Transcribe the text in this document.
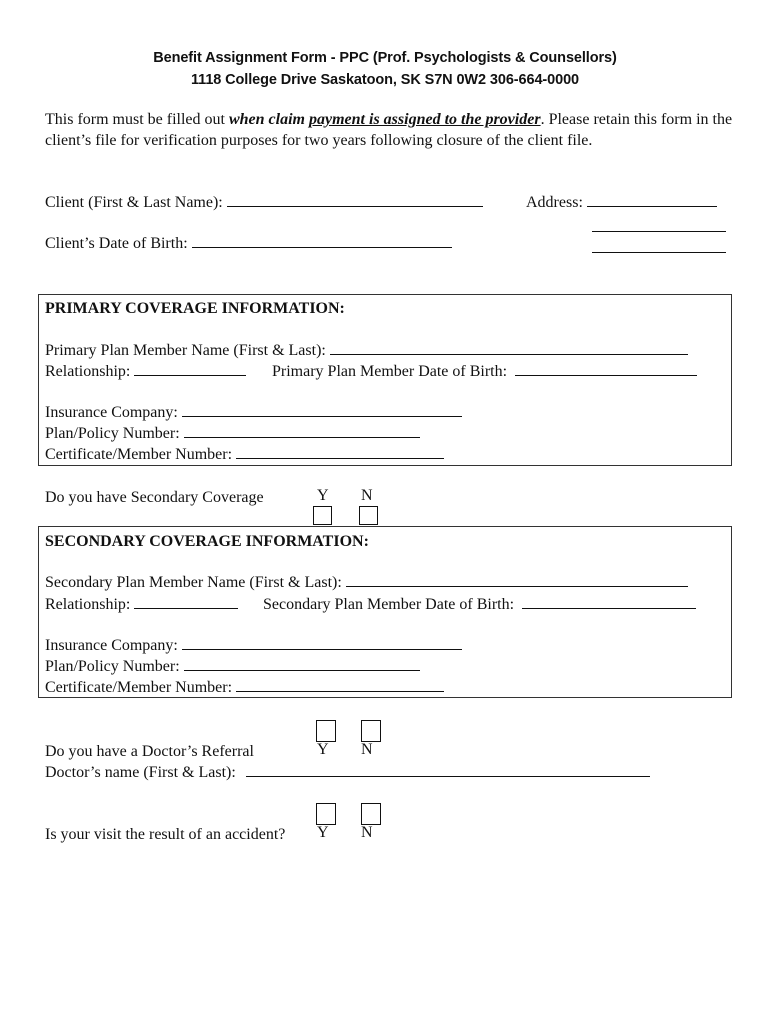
Benefit Assignment Form - PPC (Prof. Psychologists & Counsellors)
1118 College Drive Saskatoon, SK S7N 0W2 306-664-0000
This form must be filled out when claim payment is assigned to the provider. Please retain this form in the client’s file for verification purposes for two years following closure of the client file.
Client (First & Last Name):	Address:
Client’s Date of Birth:
PRIMARY COVERAGE INFORMATION:
Primary Plan Member Name (First & Last):
Relationship:	Primary Plan Member Date of Birth:
Insurance Company:
Plan/Policy Number:
Certificate/Member Number:
Do you have Secondary Coverage	Y N
SECONDARY COVERAGE INFORMATION:
Secondary Plan Member Name (First & Last):
Relationship:	Secondary Plan Member Date of Birth:
Insurance Company:
Plan/Policy Number:
Certificate/Member Number:
Do you have a Doctor’s Referral	Y N
Doctor’s name (First & Last):
Is your visit the result of an accident? Y N
